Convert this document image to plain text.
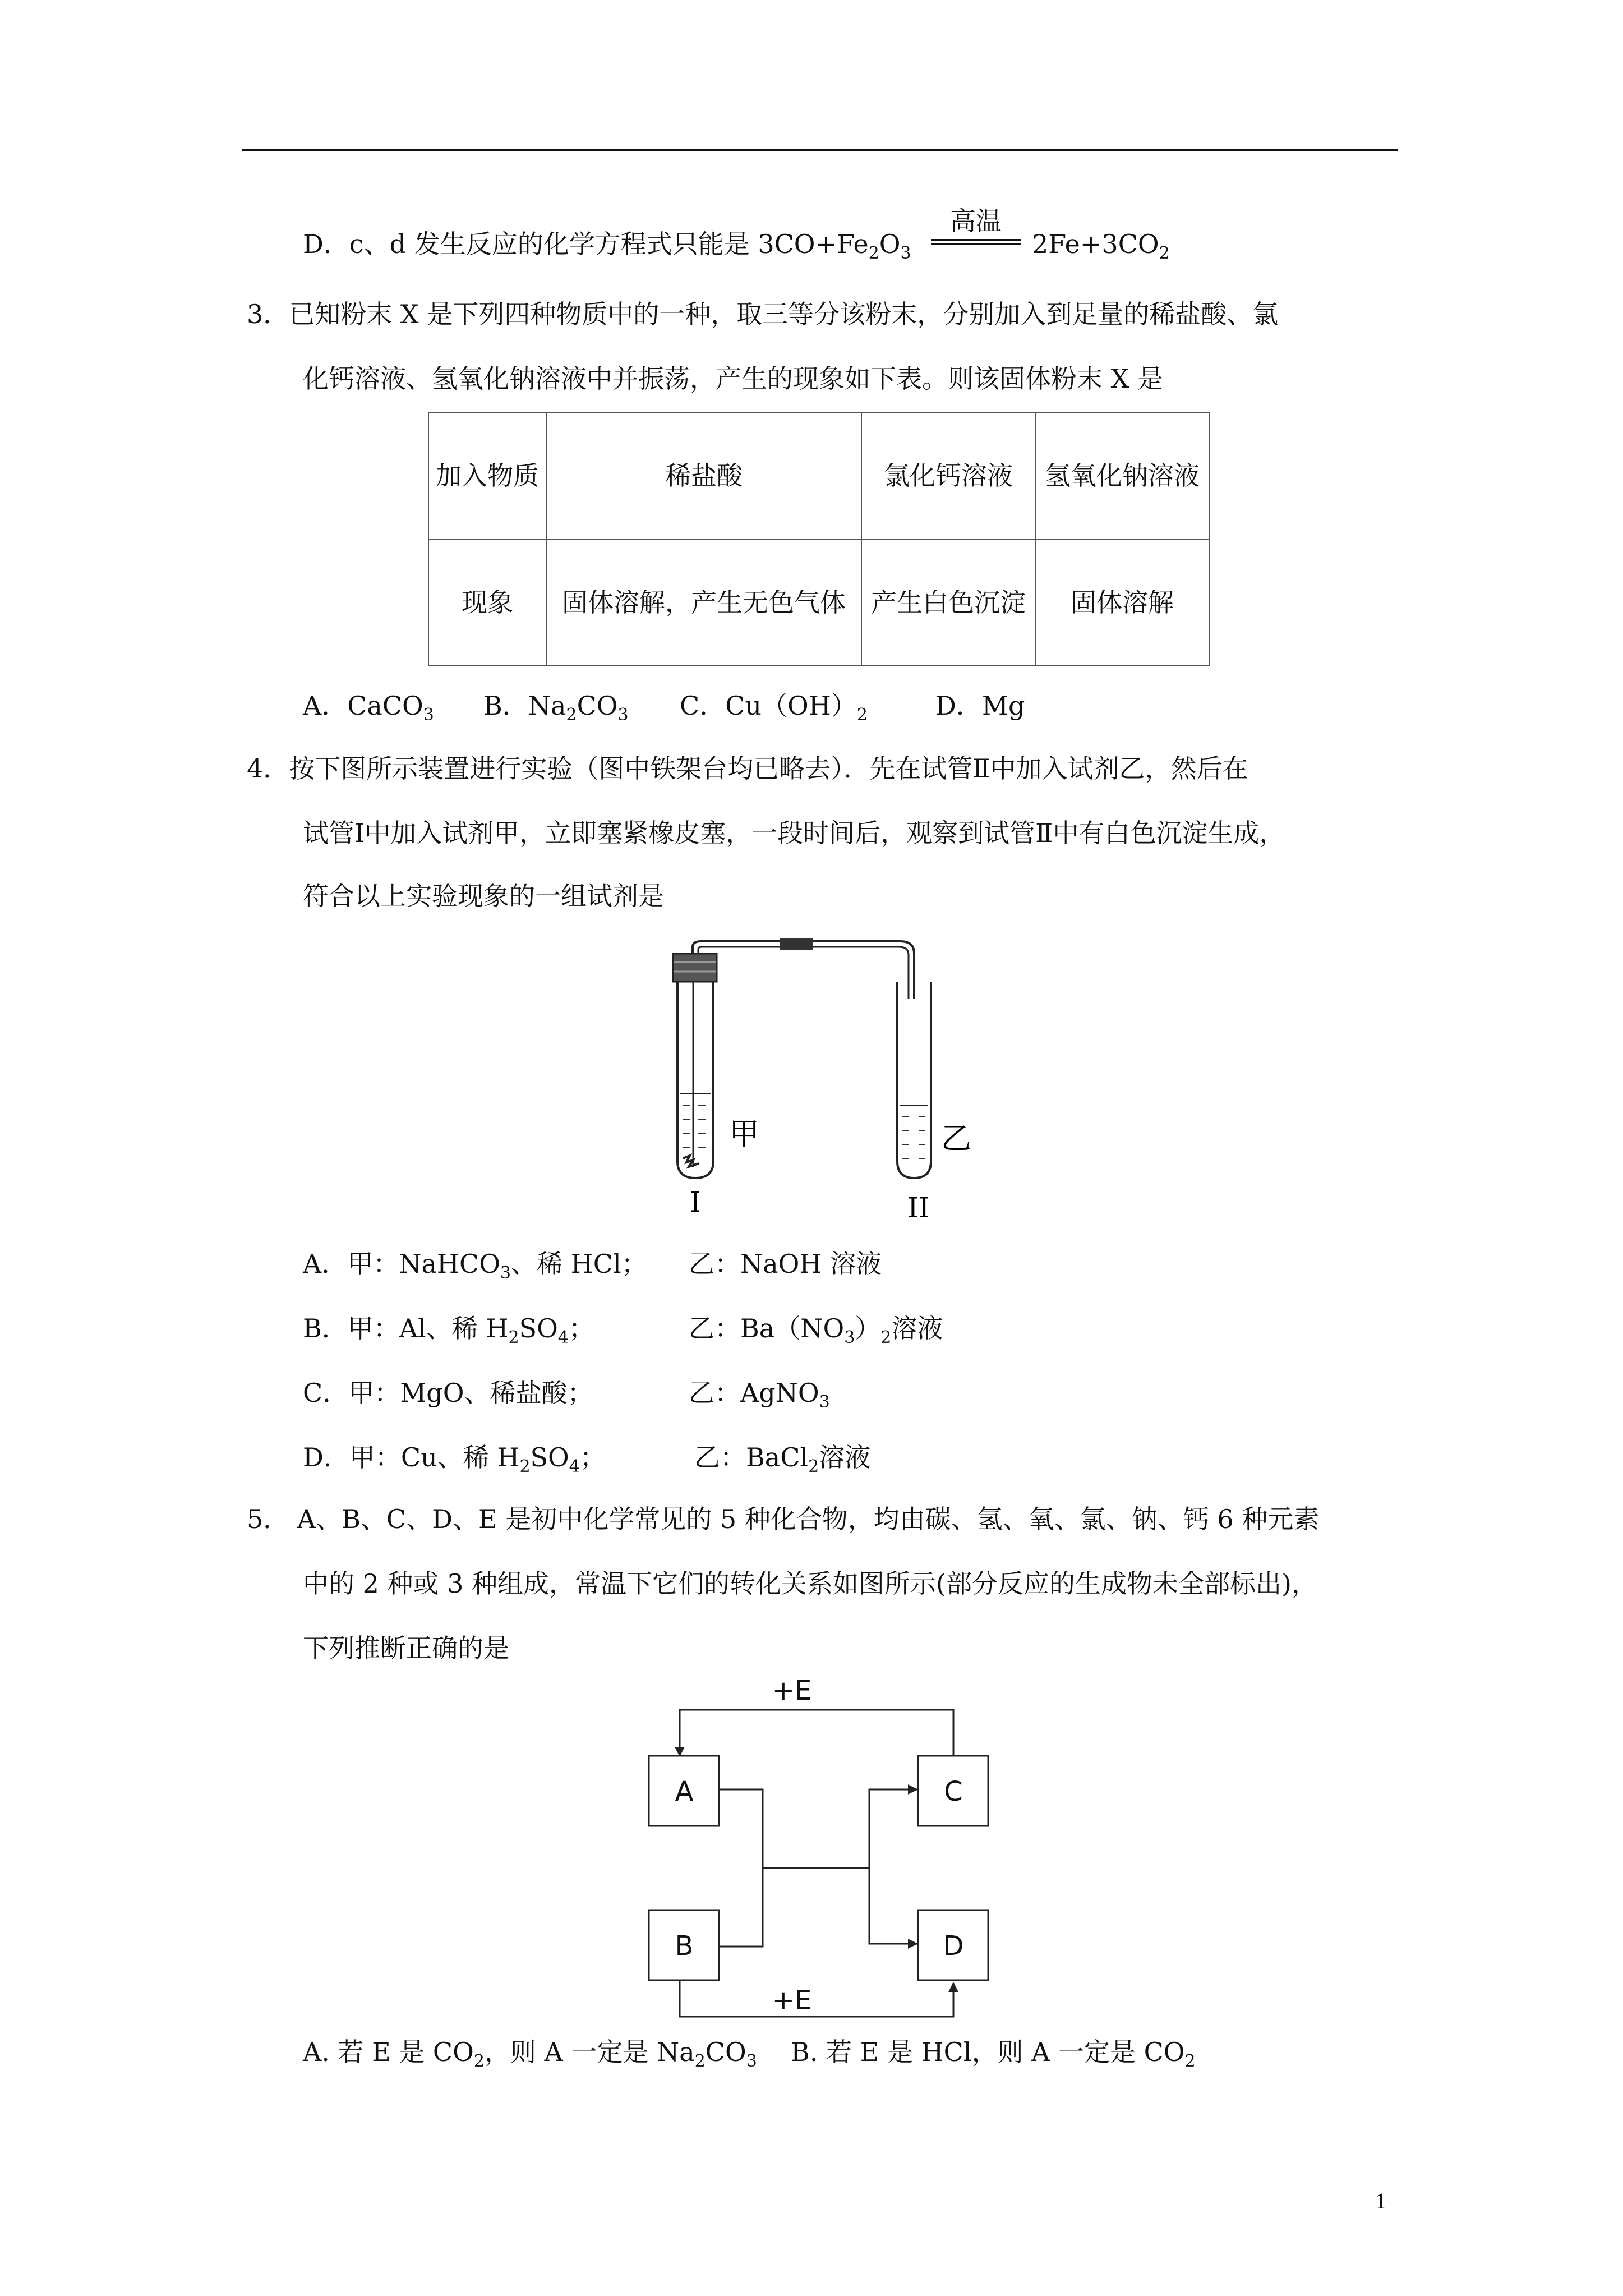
D．c、d 发生反应的化学方程式只能是 $3CO+Fe_2O_3$
高温
$2Fe+3CO_2$
3．已知粉末 X 是下列四种物质中的一种，取三等分该粉末，分别加入到足量的稀盐酸、氯
化钙溶液、氢氧化钠溶液中并振荡，产生的现象如下表。则该固体粉末 X 是
加入物质	稀盐酸	氯化钙溶液	氢氧化钠溶液
现象	固体溶解，产生无色气体	产生白色沉淀	固体溶解
A．CaCO$_3$ B．$Na_2CO_3$ C．$Cu(OH)_2$	D．Mg
4．按下图所示装置进行实验（图中铁架台均已略去）．先在试管Ⅱ中加入试剂乙，然后在
试管Ⅰ中加入试剂甲，立即塞紧橡皮塞，一段时间后，观察到试管Ⅱ中有白色沉淀生成，
符合以上实验现象的一组试剂是
甲	乙
I	II
A．甲：NaHCO$_3$、稀 HCl； 乙：NaOH 溶液
B．甲：Al、稀 $H_2SO_4$；	乙：$Ba(NO_3)_2$溶液
C．甲：MgO、稀盐酸；	乙：AgNO$_3$
D．甲：Cu、稀 $H_2SO_4$；	乙：BaCl$_2$溶液
5． A、B、C、D、E 是初中化学常见的 5 种化合物，均由碳、氢、氧、氯、钠、钙 6 种元素
中的 2 种或 3 种组成，常温下它们的转化关系如图所示(部分反应的生成物未全部标出)，
下列推断正确的是
A
B
C
D
+E
+E
A. 若 E 是 $CO_2$，则 A 一定是 $Na_2CO_3$ B. 若 E 是 HCl，则 A 一定是 $CO_2$
1
